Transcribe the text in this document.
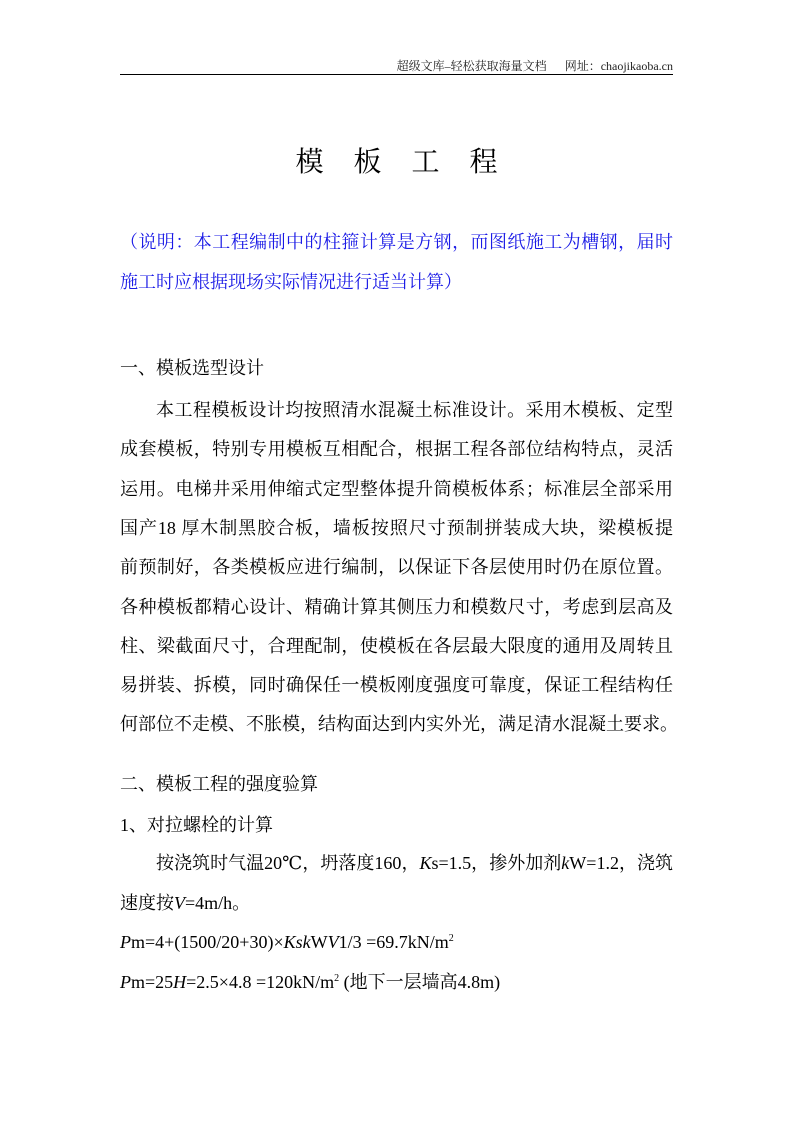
超级文库–轻松获取海量文档 网址：chaojikaoba.cn
模 板 工 程
（说明：本工程编制中的柱箍计算是方钢，而图纸施工为槽钢，届时
施工时应根据现场实际情况进行适当计算）
一、模板选型设计
本工程模板设计均按照清水混凝土标准设计。采用木模板、定型
成套模板，特别专用模板互相配合，根据工程各部位结构特点，灵活
运用。电梯井采用伸缩式定型整体提升筒模板体系；标准层全部采用
国产18 厚木制黑胶合板，墙板按照尺寸预制拼装成大块，梁模板提
前预制好，各类模板应进行编制，以保证下各层使用时仍在原位置。
各种模板都精心设计、精确计算其侧压力和模数尺寸，考虑到层高及
柱、梁截面尺寸，合理配制，使模板在各层最大限度的通用及周转且
易拼装、拆模，同时确保任一模板刚度强度可靠度，保证工程结构任
何部位不走模、不胀模，结构面达到内实外光，满足清水混凝土要求。
二、模板工程的强度验算
1、对拉螺栓的计算
按浇筑时气温20℃，坍落度160，Ks=1.5，掺外加剂kW=1.2，浇筑
速度按V=4m/h。
Pm=4+(1500/20+30)×KskWV1/3 $=69.7kN/m^2$
$Pm=25H=2.5\times 4.8 =120kN/m^2$ (地下一层墙高4.8m)
